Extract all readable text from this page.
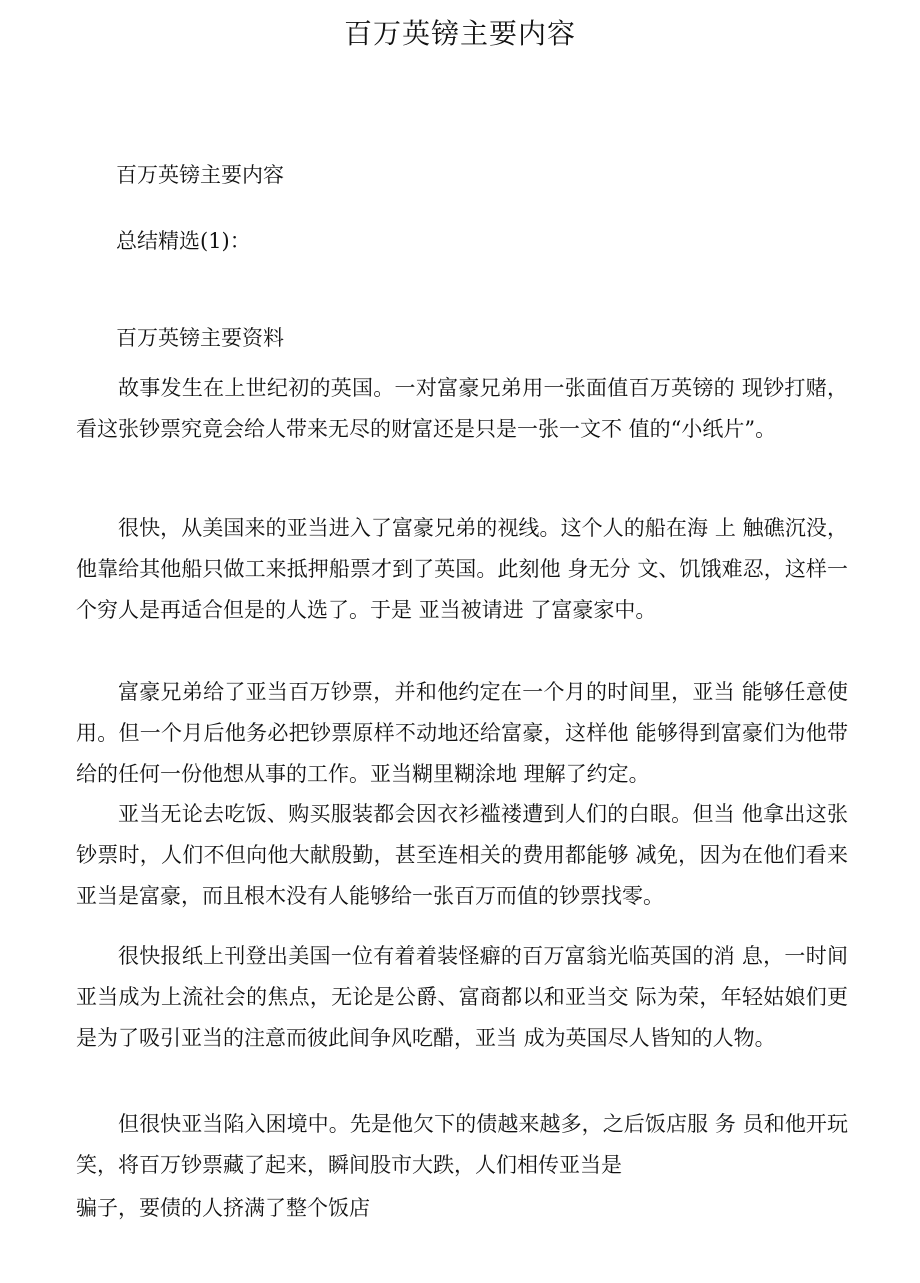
百万英镑主要内容
百万英镑主要内容
总结精选(1)：
百万英镑主要资料
故事发生在上世纪初的英国。一对富豪兄弟用一张面值百万英镑的 现钞打赌，看这张钞票究竟会给人带来无尽的财富还是只是一张一文不 值的“小纸片”。
很快，从美国来的亚当进入了富豪兄弟的视线。这个人的船在海 上 触礁沉没，他靠给其他船只做工来抵押船票才到了英国。此刻他 身无分 文、饥饿难忍，这样一个穷人是再适合但是的人选了。于是 亚当被请进 了富豪家中。
富豪兄弟给了亚当百万钞票，并和他约定在一个月的时间里，亚当 能够任意使用。但一个月后他务必把钞票原样不动地还给富豪，这样他 能够得到富豪们为他带给的任何一份他想从事的工作。亚当糊里糊涂地 理解了约定。
亚当无论去吃饭、购买服装都会因衣衫褴褛遭到人们的白眼。但当 他拿出这张钞票时，人们不但向他大献殷勤，甚至连相关的费用都能够 减免，因为在他们看来亚当是富豪，而且根木没有人能够给一张百万而值的钞票找零。
很快报纸上刊登出美国一位有着着装怪癖的百万富翁光临英国的消 息，一时间亚当成为上流社会的焦点，无论是公爵、富商都以和亚当交 际为荣，年轻姑娘们更是为了吸引亚当的注意而彼此间争风吃醋，亚当 成为英国尽人皆知的人物。
但很快亚当陷入困境中。先是他欠下的债越来越多，之后饭店服 务 员和他开玩笑，将百万钞票藏了起来，瞬间股市大跌，人们相传亚当是
骗子，要债的人挤满了整个饭店
